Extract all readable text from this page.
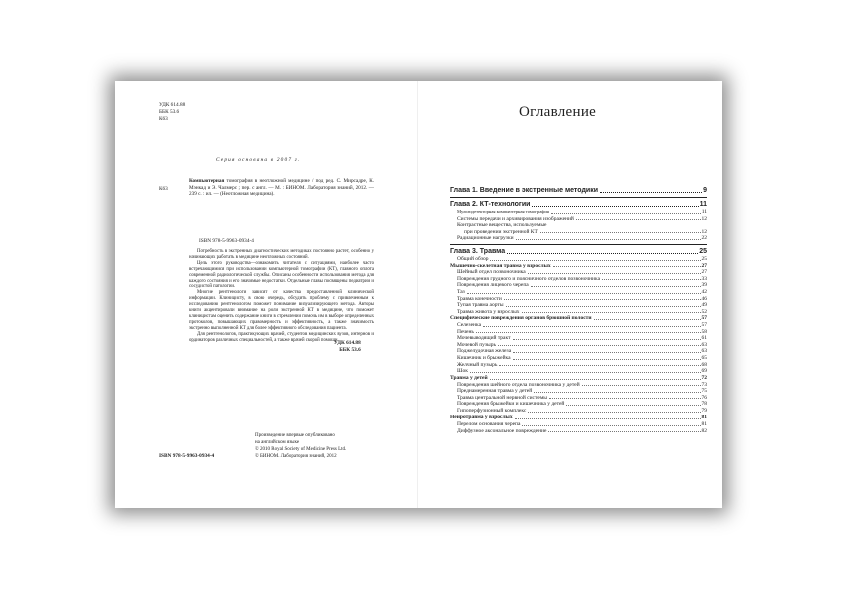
УДК 614.88
ББК 53.6
К63
Серия основана в 2007 г.
К63
Компьютерная томография в неотложной медицине / под ред. С. Мирсадре, К. Мэнкад и Э. Чалмерс ; пер. с англ. — М. : БИНОМ. Лаборатория знаний, 2012. — 239 с. : ил. — (Неотложная медицина).
ISBN 978-5-9963-0934-4

Потребность в экстренных диагностических методиках постоянно растет, особенно у начинающих работать в медицине неотложных состояний.

Цель этого руководства—ознакомить читателя с ситуациями, наиболее часто встречающимися при использовании компьютерной томографии (КТ), главного оплота современной радиологической службы. Описаны особенности использования метода для каждого состояния и его значимые недостатки. Отдельные главы посвящены педиатрии и сосудистой патологии.

Многие рентгенологи зависят от качества предоставленной клинической информации. Клиницисту, в свою очередь, обсудить проблему с привлеченным к исследованию рентгенологом поможет понимание визуализирующего метода. Авторы книги акцентировали внимание на роли экстренной КТ в медицине, что поможет клиницистам оценить содержание книги в стремлении помочь им в выборе определенных протоколов, повышающих правомерность и эффективность, а также значимость экстренно выполненной КТ для более эффективного обследования пациента.

Для рентгенологов, практикующих врачей, студентов медицинских вузов, интернов и ординаторов различных специальностей, а также врачей скорой помощи.

УДК 614.88
ББК 53.6
Произведение впервые опубликовано
на английском языке
© 2010 Royal Society of Medicine Press Ltd.
© БИНОМ. Лаборатория знаний, 2012
ISBN 978-5-9963-0934-4
Оглавление
Глава 1. Введение в экстренные методики	9
Глава 2. КТ-технологии	11
Мультидетекторная компьютерная томография	11
Системы передачи и архивирования изображений	12
Контрастные вещества, используемые
при проведении экстренной КТ	12
Радиационные нагрузки	22
Глава 3. Травма	25
Общий обзор	25
Мышечно-скелетная травма у взрослых	27
Шейный отдел позвоночника	27
Повреждения грудного и поясничного отделов позвоночника	33
Повреждения лицевого черепа	39
Таз	42
Травма конечности	46
Тупая травма аорты	49
Травма живота у взрослых	52
Специфические повреждения органов брюшной полости	57
Селезенка	57
Печень	58
Мочевыводящий тракт	61
Мочевой пузырь	63
Поджелудочная железа	63
Кишечник и брыжейка	65
Желчный пузырь	68
Шок	69
Травма у детей	72
Повреждения шейного отдела позвоночника у детей	73
Преднамеренная травма у детей	75
Травма центральной нервной системы	76
Повреждения брыжейки и кишечника у детей	78
Гипоперфузионный комплекс	79
Нейротравма у взрослых	81
Перелом основания черепа	81
Диффузное аксональное повреждение	82
